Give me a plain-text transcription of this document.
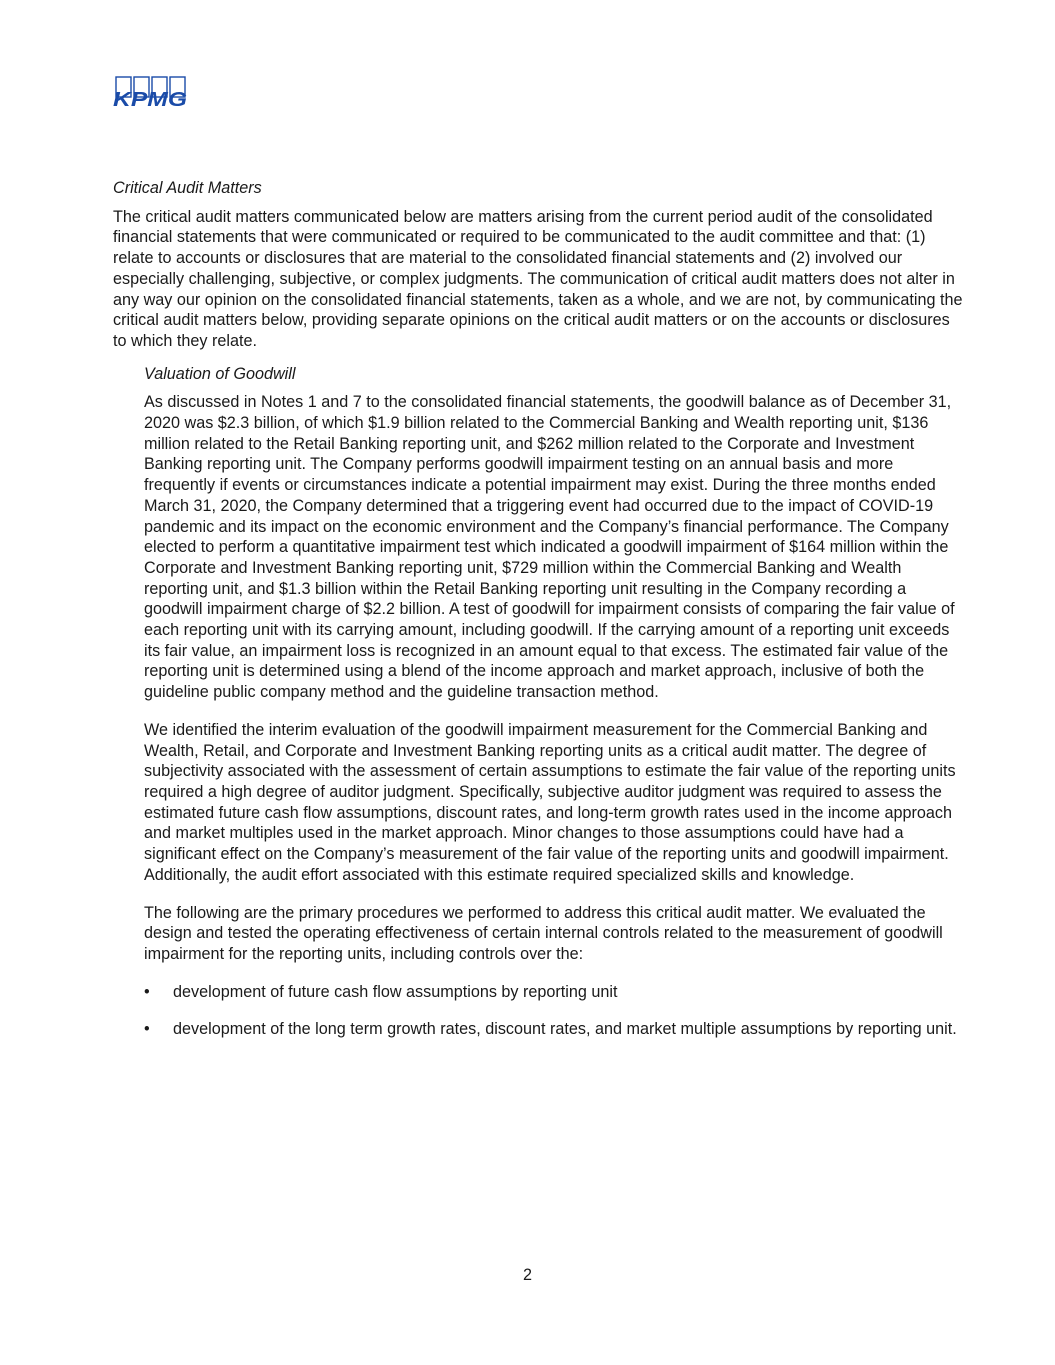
KPMG

Critical Audit Matters

The critical audit matters communicated below are matters arising from the current period audit of the consolidated financial statements that were communicated or required to be communicated to the audit committee and that: (1) relate to accounts or disclosures that are material to the consolidated financial statements and (2) involved our especially challenging, subjective, or complex judgments. The communication of critical audit matters does not alter in any way our opinion on the consolidated financial statements, taken as a whole, and we are not, by communicating the critical audit matters below, providing separate opinions on the critical audit matters or on the accounts or disclosures to which they relate.

Valuation of Goodwill

As discussed in Notes 1 and 7 to the consolidated financial statements, the goodwill balance as of December 31, 2020 was $2.3 billion, of which $1.9 billion related to the Commercial Banking and Wealth reporting unit, $136 million related to the Retail Banking reporting unit, and $262 million related to the Corporate and Investment Banking reporting unit. The Company performs goodwill impairment testing on an annual basis and more frequently if events or circumstances indicate a potential impairment may exist. During the three months ended March 31, 2020, the Company determined that a triggering event had occurred due to the impact of COVID-19 pandemic and its impact on the economic environment and the Company’s financial performance. The Company elected to perform a quantitative impairment test which indicated a goodwill impairment of $164 million within the Corporate and Investment Banking reporting unit, $729 million within the Commercial Banking and Wealth reporting unit, and $1.3 billion within the Retail Banking reporting unit resulting in the Company recording a goodwill impairment charge of $2.2 billion. A test of goodwill for impairment consists of comparing the fair value of each reporting unit with its carrying amount, including goodwill. If the carrying amount of a reporting unit exceeds its fair value, an impairment loss is recognized in an amount equal to that excess. The estimated fair value of the reporting unit is determined using a blend of the income approach and market approach, inclusive of both the guideline public company method and the guideline transaction method.

We identified the interim evaluation of the goodwill impairment measurement for the Commercial Banking and Wealth, Retail, and Corporate and Investment Banking reporting units as a critical audit matter. The degree of subjectivity associated with the assessment of certain assumptions to estimate the fair value of the reporting units required a high degree of auditor judgment. Specifically, subjective auditor judgment was required to assess the estimated future cash flow assumptions, discount rates, and long-term growth rates used in the income approach and market multiples used in the market approach. Minor changes to those assumptions could have had a significant effect on the Company’s measurement of the fair value of the reporting units and goodwill impairment. Additionally, the audit effort associated with this estimate required specialized skills and knowledge.

The following are the primary procedures we performed to address this critical audit matter. We evaluated the design and tested the operating effectiveness of certain internal controls related to the measurement of goodwill impairment for the reporting units, including controls over the:

• development of future cash flow assumptions by reporting unit
• development of the long term growth rates, discount rates, and market multiple assumptions by reporting unit.
2
